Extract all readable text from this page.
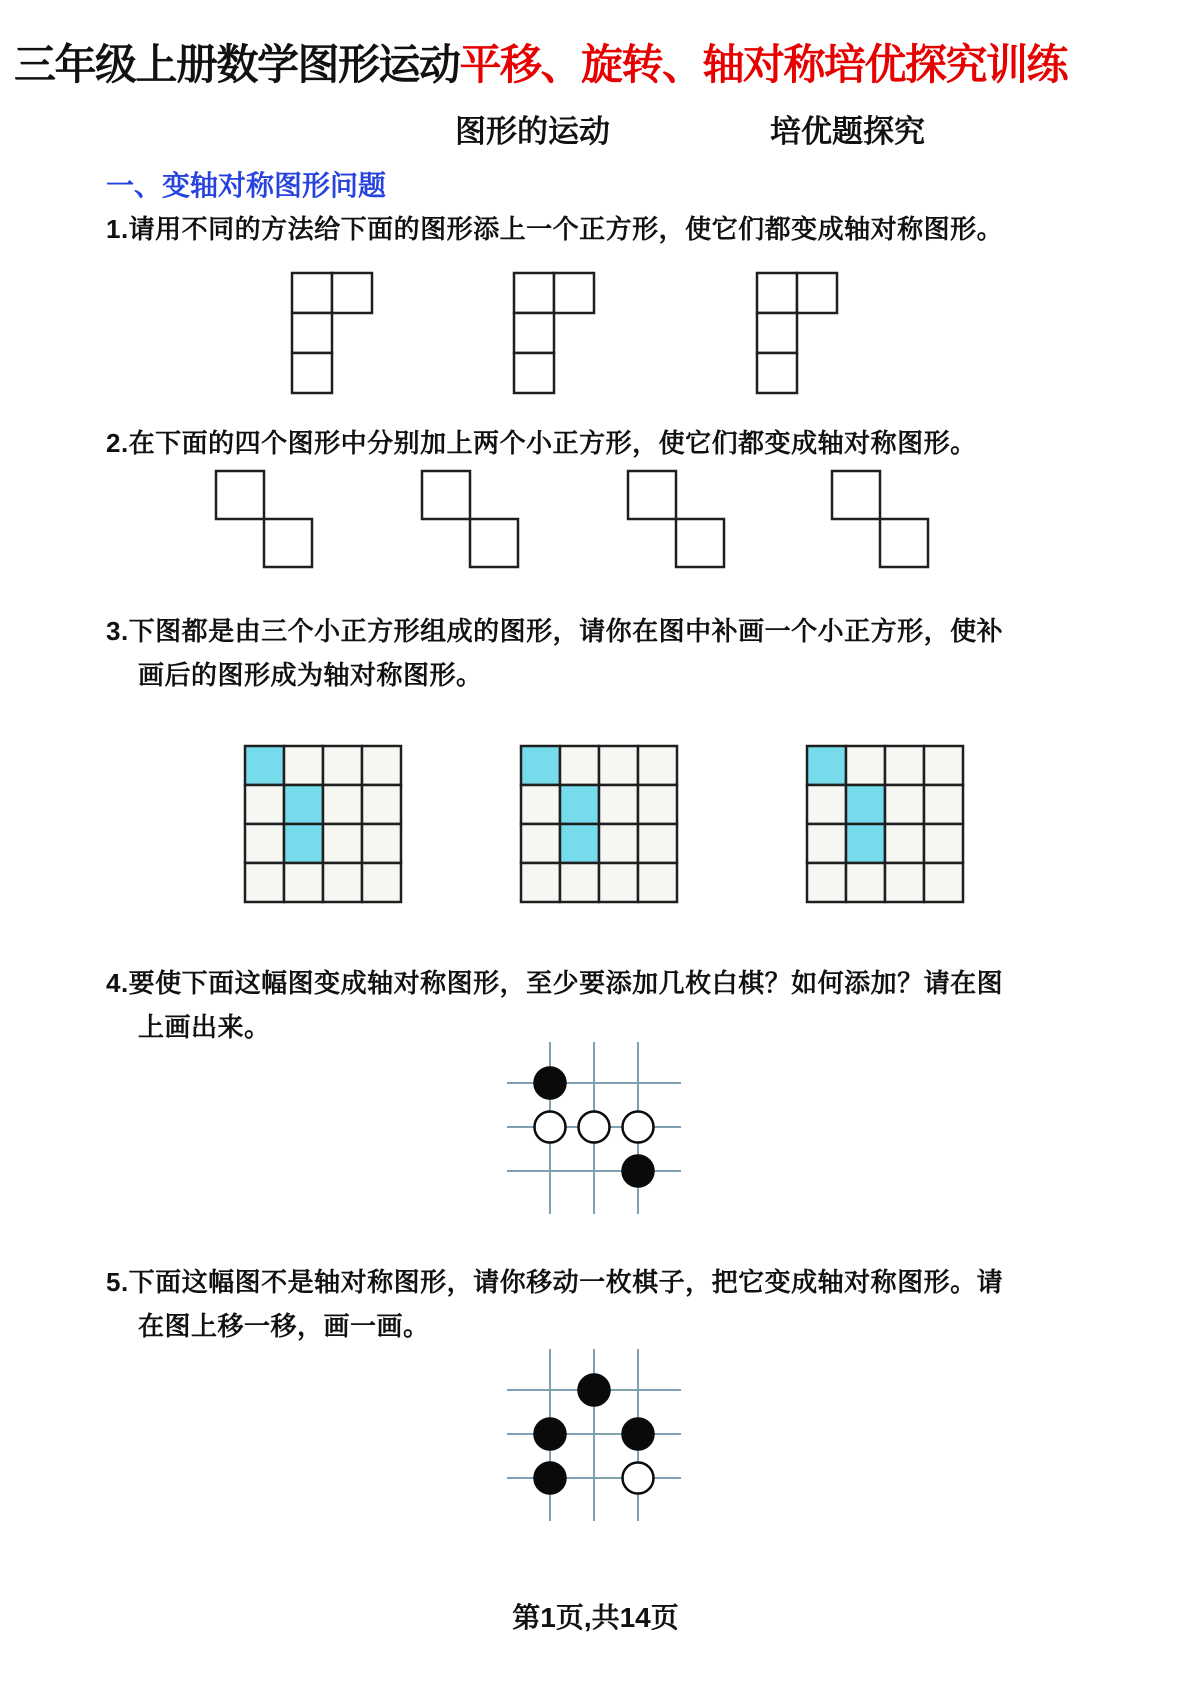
三年级上册数学图形运动平移、旋转、轴对称培优探究训练
图形的运动	培优题探究
一、变轴对称图形问题
1.请用不同的方法给下面的图形添上一个正方形，使它们都变成轴对称图形。
2.在下面的四个图形中分别加上两个小正方形，使它们都变成轴对称图形。
3.下图都是由三个小正方形组成的图形，请你在图中补画一个小正方形，使补
画后的图形成为轴对称图形。
4.要使下面这幅图变成轴对称图形，至少要添加几枚白棋？如何添加？请在图
上画出来。
5.下面这幅图不是轴对称图形，请你移动一枚棋子，把它变成轴对称图形。请
在图上移一移，画一画。
第1页,共14页
